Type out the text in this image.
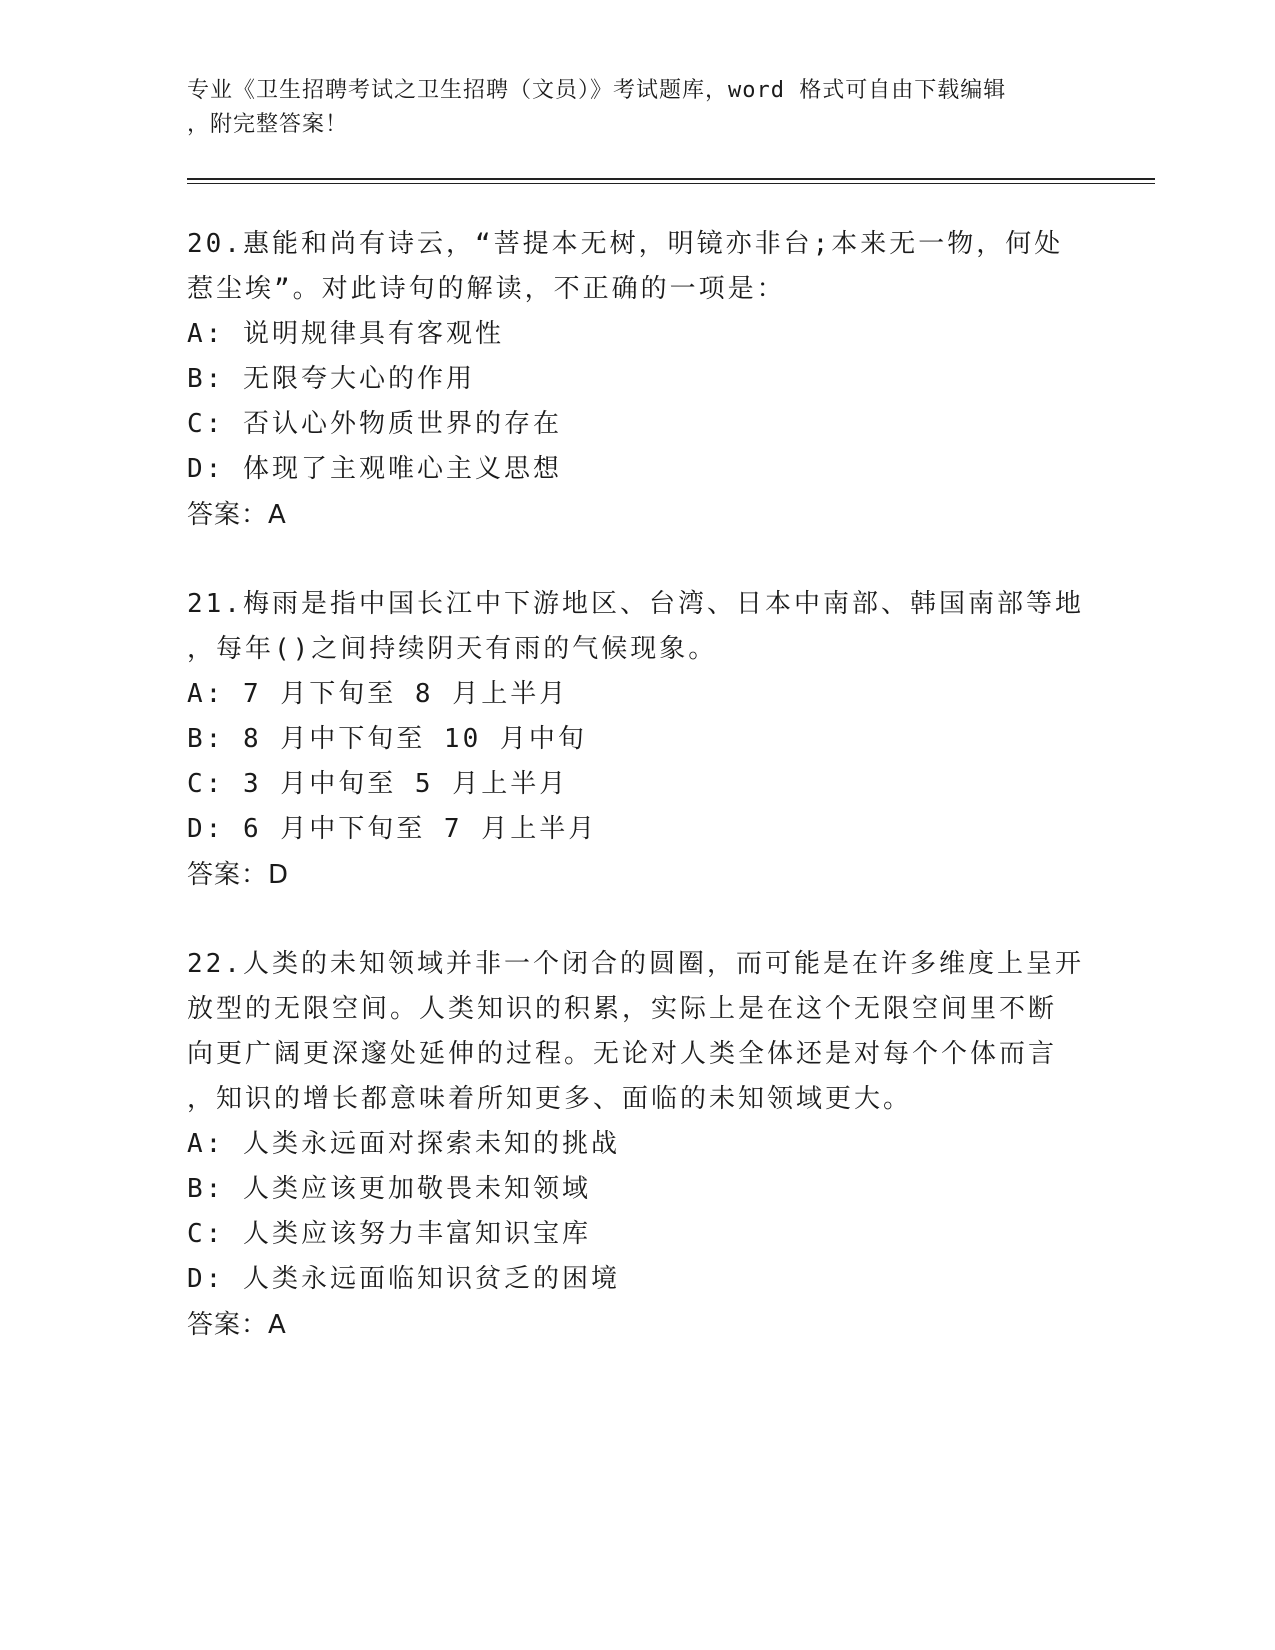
专业《卫生招聘考试之卫生招聘（文员）》考试题库，word 格式可自由下载编辑
，附完整答案！
20.惠能和尚有诗云，“菩提本无树，明镜亦非台;本来无一物，何处
惹尘埃”。对此诗句的解读，不正确的一项是：
A: 说明规律具有客观性
B: 无限夸大心的作用
C: 否认心外物质世界的存在
D: 体现了主观唯心主义思想
答案：A
21.梅雨是指中国长江中下游地区、台湾、日本中南部、韩国南部等地
，每年()之间持续阴天有雨的气候现象。
A: 7 月下旬至 8 月上半月
B: 8 月中下旬至 10 月中旬
C: 3 月中旬至 5 月上半月
D: 6 月中下旬至 7 月上半月
答案：D
22.人类的未知领域并非一个闭合的圆圈，而可能是在许多维度上呈开
放型的无限空间。人类知识的积累，实际上是在这个无限空间里不断
向更广阔更深邃处延伸的过程。无论对人类全体还是对每个个体而言
，知识的增长都意味着所知更多、面临的未知领域更大。
A: 人类永远面对探索未知的挑战
B: 人类应该更加敬畏未知领域
C: 人类应该努力丰富知识宝库
D: 人类永远面临知识贫乏的困境
答案：A
